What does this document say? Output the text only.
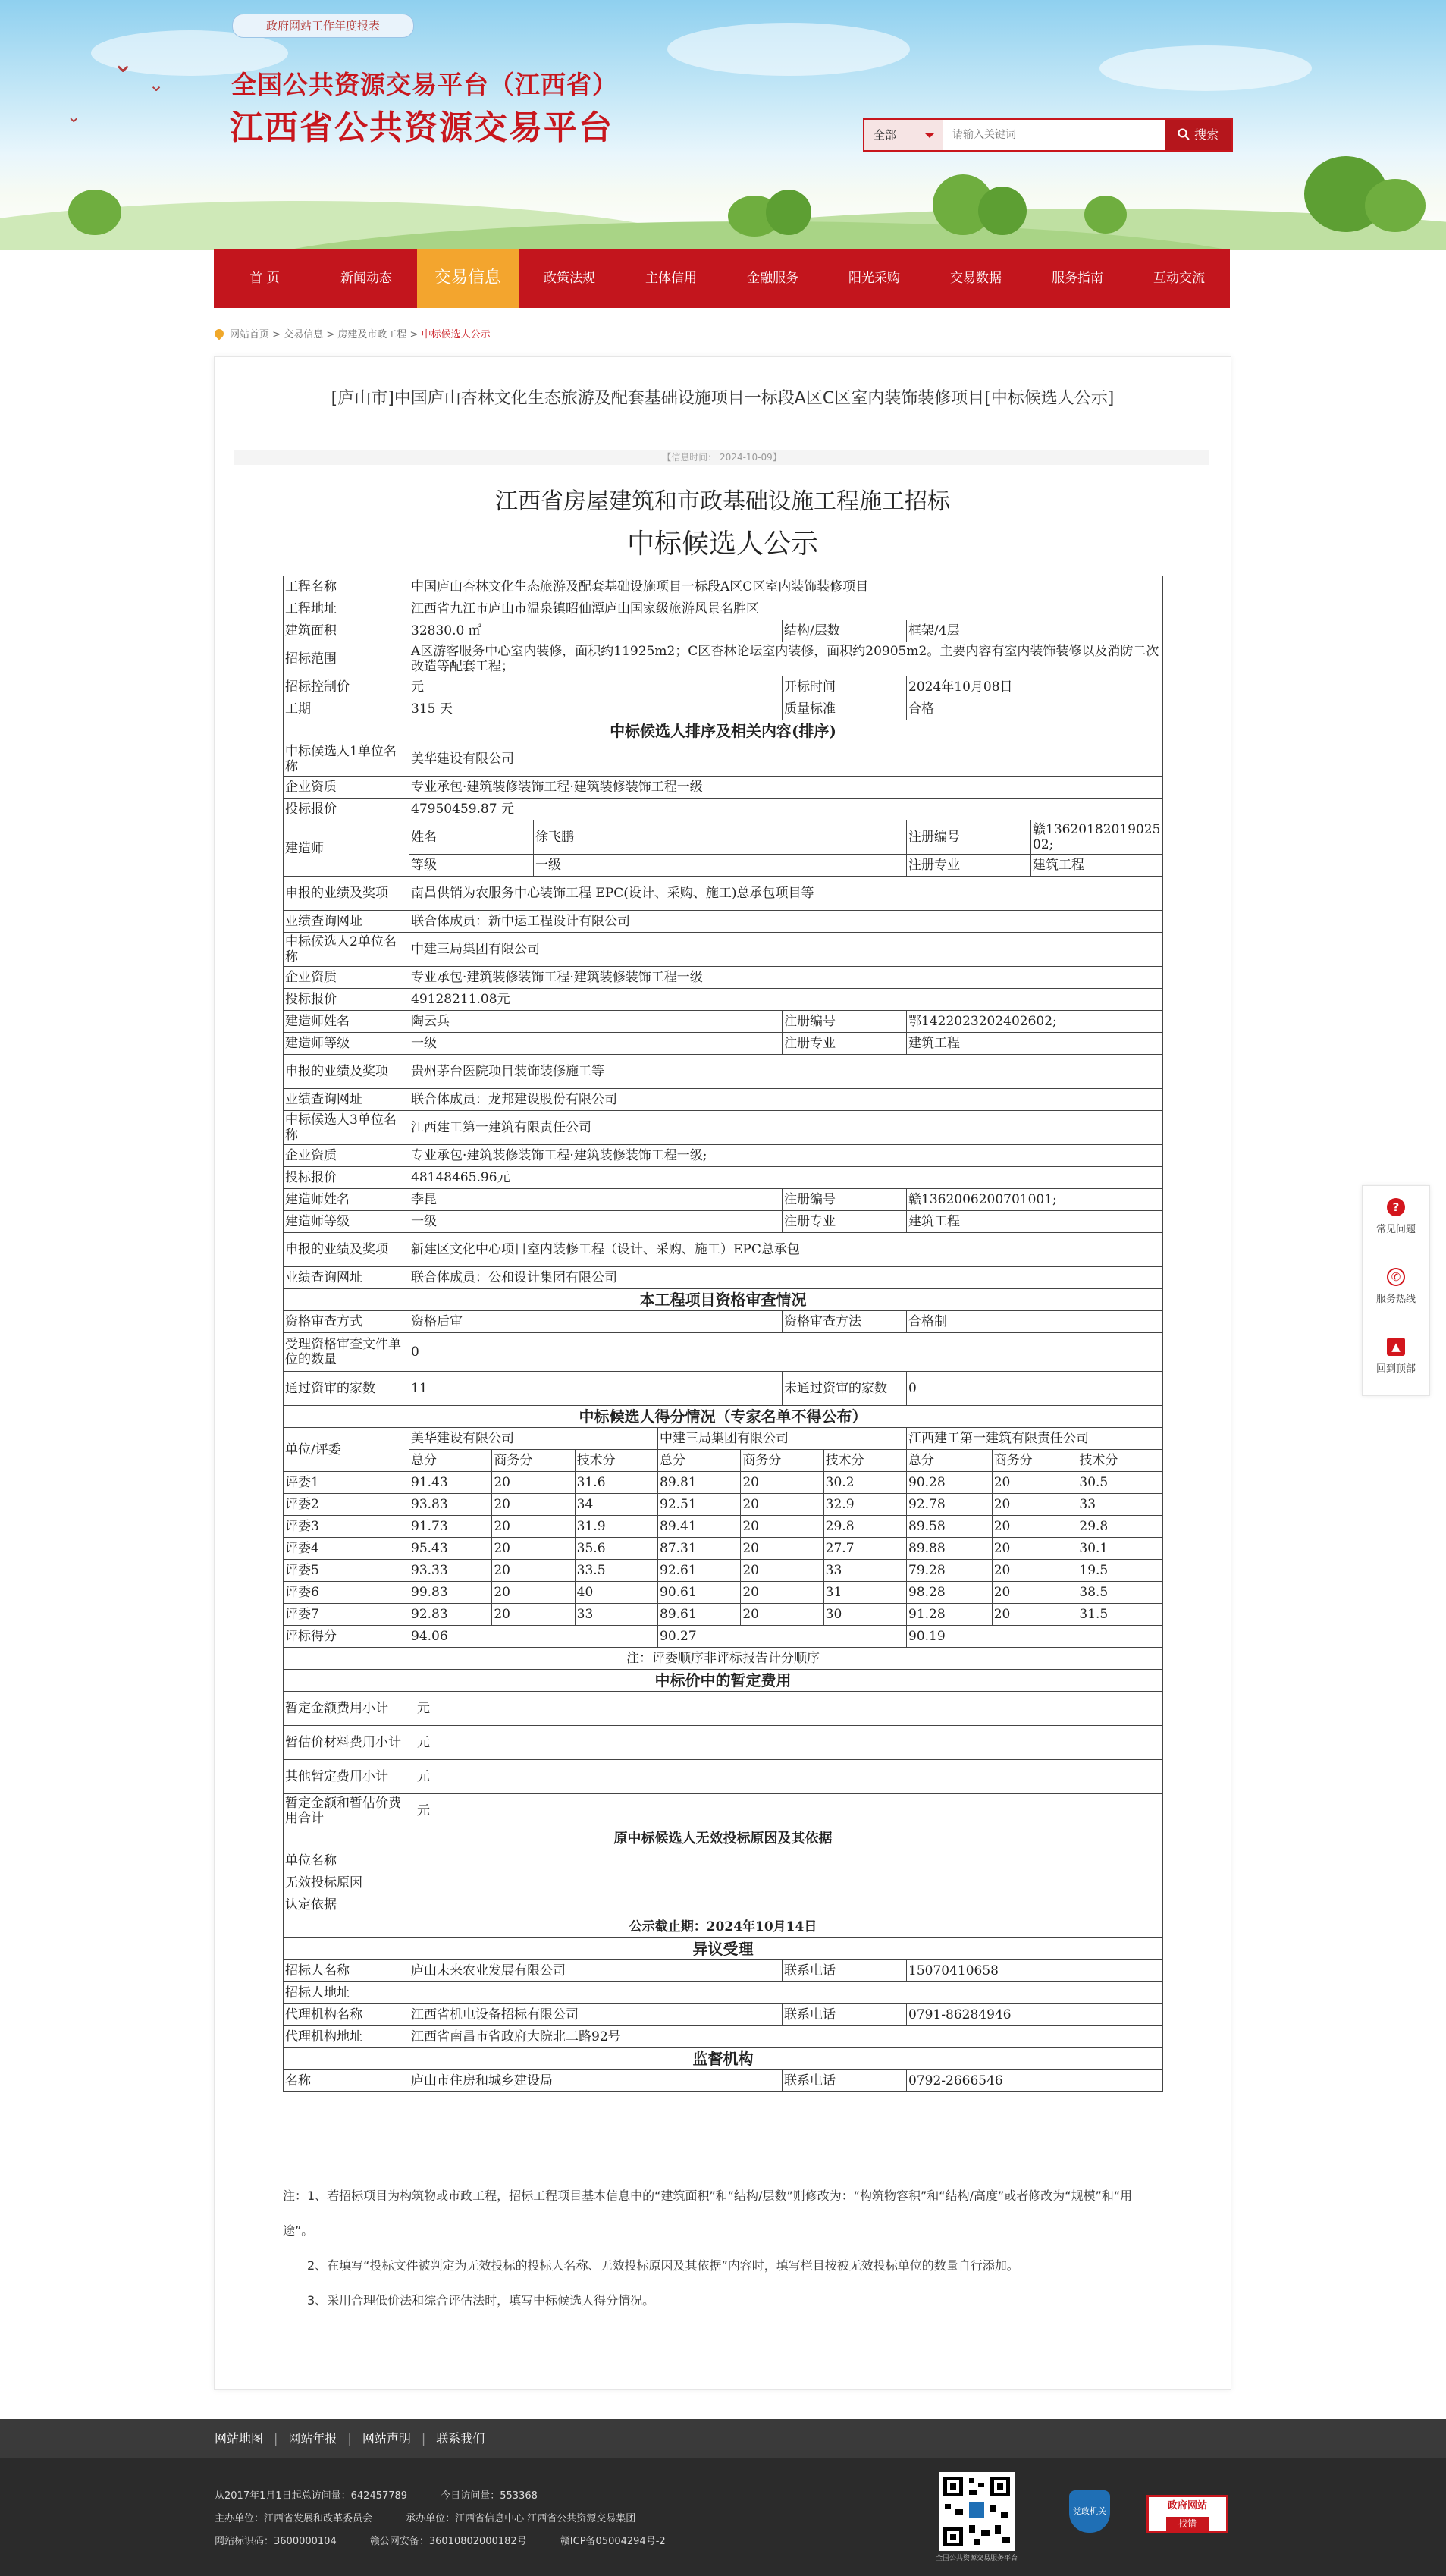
政府网站工作年度报表
⌄
⌄
⌄
全国公共资源交易平台（江西省）
江西省公共资源交易平台	全部
请输入关键词	搜索
首 页	新闻动态	交易信息	政策法规	主体信用	金融服务	阳光采购	交易数据	服务指南	互动交流
网站首页 > 交易信息 > 房建及市政工程 > 中标候选人公示
[庐山市]中国庐山杏林文化生态旅游及配套基础设施项目一标段A区C区室内装饰装修项目[中标候选人公示]
【信息时间： 2024-10-09】
江西省房屋建筑和市政基础设施工程施工招标
中标候选人公示
工程名称	中国庐山杏林文化生态旅游及配套基础设施项目一标段A区C区室内装饰装修项目					
工程地址	江西省九江市庐山市温泉镇昭仙潭庐山国家级旅游风景名胜区					
建筑面积	32830.0 ㎡			结构/层数	框架/4层	
招标范围	A区游客服务中心室内装修，面积约11925m2；C区杏林论坛室内装修，面积约20905m2。主要内容有室内装饰装修以及消防二次改造等配套工程；					
招标控制价	元			开标时间	2024年10月08日	
工期	315 天			质量标准	合格	
中标候选人排序及相关内容(排序)						
中标候选人1单位名称	美华建设有限公司					
企业资质	专业承包·建筑装修装饰工程·建筑装修装饰工程一级					
投标报价	47950459.87 元					
建造师	姓名	徐飞鹏			注册编号	赣1362018201902502;
	等级	一级			注册专业	建筑工程
申报的业绩及奖项	南昌供销为农服务中心装饰工程 EPC(设计、采购、施工)总承包项目等					
业绩查询网址	联合体成员：新中运工程设计有限公司					
中标候选人2单位名称	中建三局集团有限公司					
企业资质	专业承包·建筑装修装饰工程·建筑装修装饰工程一级					
投标报价	49128211.08元					
建造师姓名	陶云兵			注册编号	鄂1422023202402602;	
建造师等级	一级			注册专业	建筑工程	
申报的业绩及奖项	贵州茅台医院项目装饰装修施工等					
业绩查询网址	联合体成员：龙邦建设股份有限公司					
中标候选人3单位名称	江西建工第一建筑有限责任公司					
企业资质	专业承包·建筑装修装饰工程·建筑装修装饰工程一级;					
投标报价	48148465.96元					
建造师姓名	李昆			注册编号	赣1362006200701001;	
建造师等级	一级			注册专业	建筑工程	
申报的业绩及奖项	新建区文化中心项目室内装修工程（设计、采购、施工）EPC总承包					
业绩查询网址	联合体成员：公和设计集团有限公司					
本工程项目资格审查情况						
资格审查方式	资格后审			资格审查方法	合格制	
受理资格审查文件单位的数量	0					
通过资审的家数	11			未通过资审的家数	0	
中标候选人得分情况（专家名单不得公布）						
单位/评委	美华建设有限公司		中建三局集团有限公司		江西建工第一建筑有限责任公司	

	总分 商务分 技术分		总分 商务分 技术分		总分 商务分 技术分	

评委1	91.43 20 31.6		89.81 20 30.2		90.28 20 30.5	

评委2	93.83 20 34		92.51 20 32.9		92.78 20 33	

评委3	91.73 20 31.9		89.41 20 29.8		89.58 20 29.8	

评委4	95.43 20 35.6		87.31 20 27.7		89.88 20 30.1	

评委5	93.33 20 33.5		92.61 20 33		79.28 20 19.5	

评委6	99.83 20 40		90.61 20 31		98.28 20 38.5	

评委7	92.83 20 33		89.61 20 30		91.28 20 31.5	

评标得分	94.06		90.27		90.19	
注：评委顺序非评标报告计分顺序						
中标价中的暂定费用						
暂定金额费用小计	元					
暂估价材料费用小计	元					
其他暂定费用小计	元					
暂定金额和暂估价费用合计	元					
原中标候选人无效投标原因及其依据						
单位名称						
无效投标原因						
认定依据						
公示截止期：2024年10月14日						
异议受理						
招标人名称	庐山未来农业发展有限公司			联系电话	15070410658	
招标人地址						
代理机构名称	江西省机电设备招标有限公司			联系电话	0791-86284946	
代理机构地址	江西省南昌市省政府大院北二路92号					
监督机构						
名称	庐山市住房和城乡建设局			联系电话	0792-2666546	

注：1、若招标项目为构筑物或市政工程，招标工程项目基本信息中的“建筑面积”和“结构/层数”则修改为：“构筑物容积”和“结构/高度”或者修改为“规模”和“用途”。

2、在填写“投标文件被判定为无效投标的投标人名称、无效投标原因及其依据”内容时，填写栏目按被无效投标单位的数量自行添加。

3、采用合理低价法和综合评估法时，填写中标候选人得分情况。

?
常见问题
✆
服务热线
▲
回到顶部
网站地图 | 网站年报 | 网站声明 | 联系我们
从2017年1月1日起总访问量：642457789	今日访问量：553368
主办单位：江西省发展和改革委员会	承办单位：江西省信息中心 江西省公共资源交易集团
网站标识码：3600000104	赣公网安备：36010802000182号	赣ICP备05004294号-2
全国公共资源交易服务平台
党政机关	政府网站
找错
